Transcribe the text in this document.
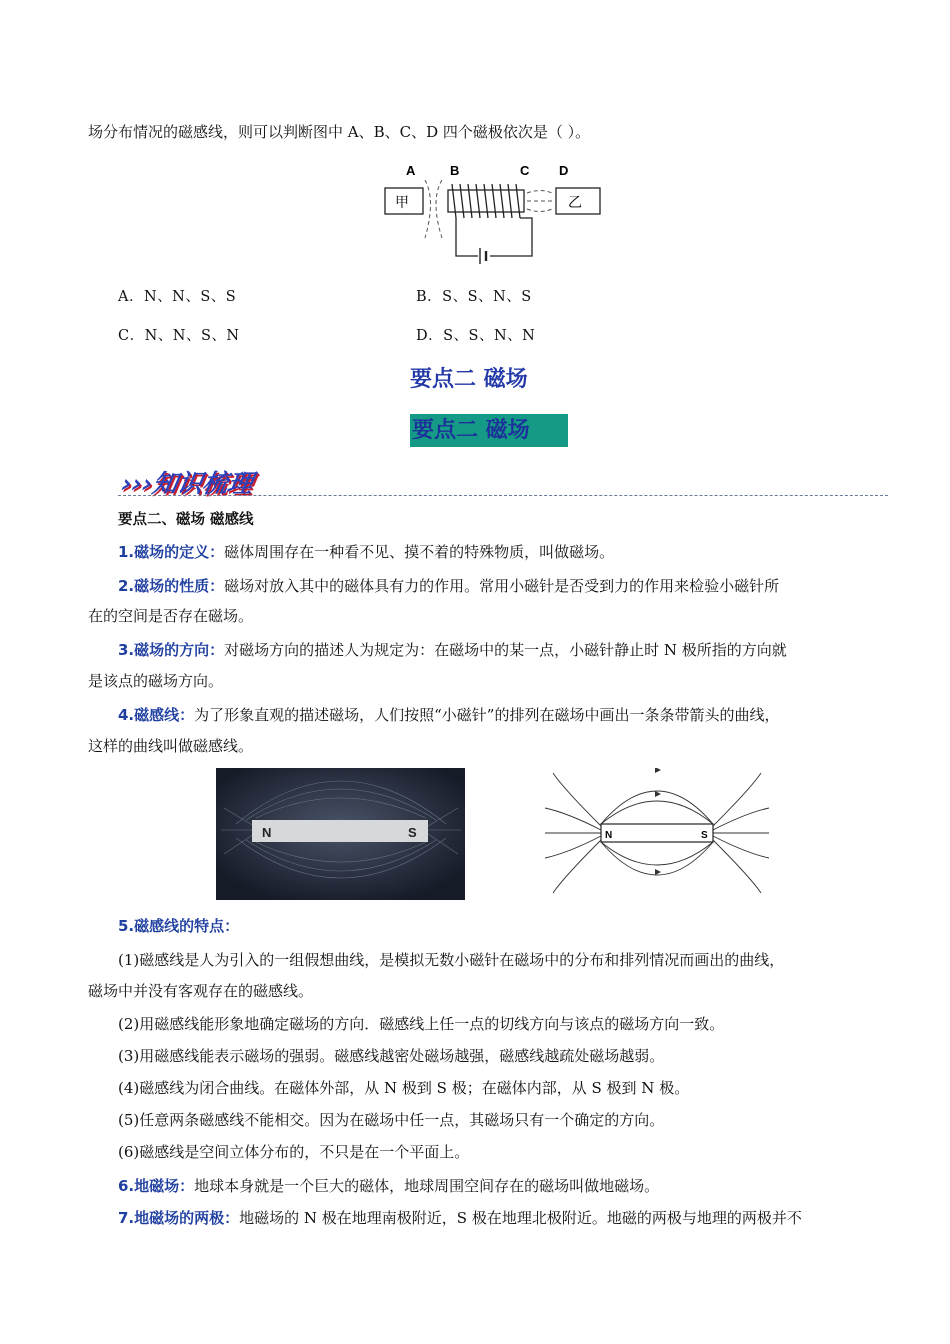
场分布情况的磁感线，则可以判断图中 A、B、C、D 四个磁极依次是（ ）。
A	B	C D
甲	乙
A．N、N、S、S	B．S、S、N、S
C．N、N、S、N	D．S、S、N、N
要点二 磁场
要点二 磁场
›››知识梳理
要点二、磁场 磁感线
1.磁场的定义：磁体周围存在一种看不见、摸不着的特殊物质，叫做磁场。
2.磁场的性质：磁场对放入其中的磁体具有力的作用。常用小磁针是否受到力的作用来检验小磁针所
在的空间是否存在磁场。
3.磁场的方向：对磁场方向的描述人为规定为：在磁场中的某一点，小磁针静止时 N 极所指的方向就
是该点的磁场方向。
4.磁感线：为了形象直观的描述磁场，人们按照“小磁针”的排列在磁场中画出一条条带箭头的曲线，
这样的曲线叫做磁感线。
N	S	N	S
5.磁感线的特点：
(1)磁感线是人为引入的一组假想曲线，是模拟无数小磁针在磁场中的分布和排列情况而画出的曲线，
磁场中并没有客观存在的磁感线。
(2)用磁感线能形象地确定磁场的方向．磁感线上任一点的切线方向与该点的磁场方向一致。
(3)用磁感线能表示磁场的强弱。磁感线越密处磁场越强，磁感线越疏处磁场越弱。
(4)磁感线为闭合曲线。在磁体外部，从 N 极到 S 极；在磁体内部，从 S 极到 N 极。
(5)任意两条磁感线不能相交。因为在磁场中任一点，其磁场只有一个确定的方向。
(6)磁感线是空间立体分布的，不只是在一个平面上。
6.地磁场：地球本身就是一个巨大的磁体，地球周围空间存在的磁场叫做地磁场。
7.地磁场的两极：地磁场的 N 极在地理南极附近，S 极在地理北极附近。地磁的两极与地理的两极并不
